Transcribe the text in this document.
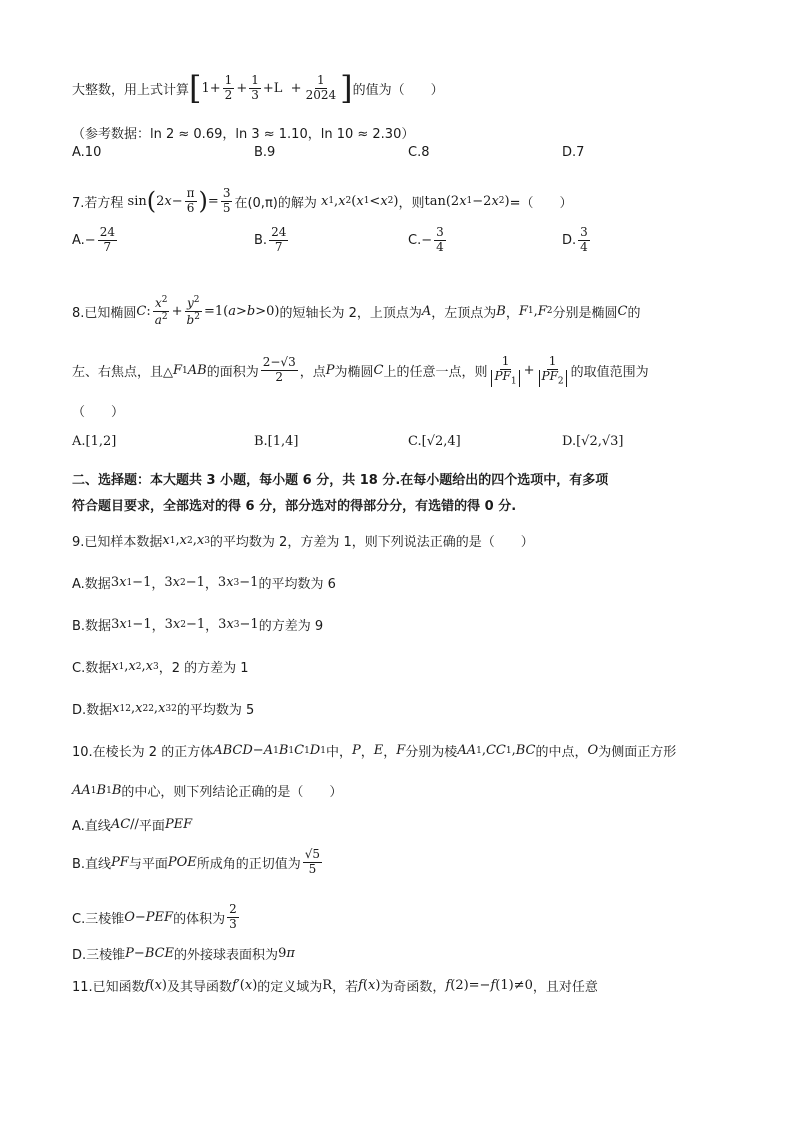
大整数，用上式计算 [ $1+ \frac{1}{2} + \frac{1}{3} + L + \frac{1}{2024}$ ] 的值为（　　）
（参考数据：ln 2 ≈ 0.69，ln 3 ≈ 1.10，ln 10 ≈ 2.30）
A.10	B.9	C.8	D.7
7.若方程 sin ( 2 $x - \frac{\pi}{6}$ ) = $\frac{3}{5}$ 在(0,π)的解为 x 1 , x 2 ( x 1 < x 2 ) ，则 tan(2 x 1 −2 x 2 ) =（　　）
A. − $\frac{24}{7}$	B. $\frac{24}{7}$	C. − $\frac{3}{4}$	D. $\frac{3}{4}$
8.已知椭圆 C : $\frac{x^2}{a^2} + \frac{y^2}{b^2} =1$( a > b >0) 的短轴长为 2，上顶点为 A ，左顶点为 B ， F 1 , F 2 分别是椭圆 C 的
左、右焦点，且△ F 1 AB 的面积为 $\frac{2-√3}{2}$ ，点 P 为椭圆 C 上的任意一点，则 $\frac{1}{PF_1} + \frac{1}{PF_2}$ 的取值范围为
（　　）
A.[1,2]	B.[1,4]	C.[√2,4]	D.[√2,√3]
二、选择题：本大题共 3 小题，每小题 6 分，共 18 分.在每小题给出的四个选项中，有多项
符合题目要求，全部选对的得 6 分，部分选对的得部分分，有选错的得 0 分.
9.已知样本数据 x 1 , x 2 , x 3 的平均数为 2，方差为 1，则下列说法正确的是（　　）
A.数据 3 x 1 −1 ， 3 x 2 −1 ， 3 x 3 −1 的平均数为 6
B.数据 3 x 1 −1 ， 3 x 2 −1 ， 3 x 3 −1 的方差为 9
C.数据 x 1 , x 2 , x 3 ，2 的方差为 1
D.数据 x 1 2 , x 2 2 , x 3 2 的平均数为 5
10.在棱长为 2 的正方体 ABCD − A 1 B 1 C 1 D 1 中， P ， E ， F 分别为棱 AA 1 , CC 1 , BC 的中点， O 为侧面正方形
AA 1 B 1 B 的中心，则下列结论正确的是（　　）
A.直线 AC // 平面 PEF
B.直线 PF 与平面 POE 所成角的正切值为 $\frac{√5}{5}$
C.三棱锥 O − PEF 的体积为 $\frac{2}{3}$
D.三棱锥 P − BCE 的外接球表面积为 9 π
11.已知函数 f ( x ) 及其导函数 f ′( x ) 的定义域为 R ，若 f ( x ) 为奇函数， f (2)=− f (1)≠0 ，且对任意
